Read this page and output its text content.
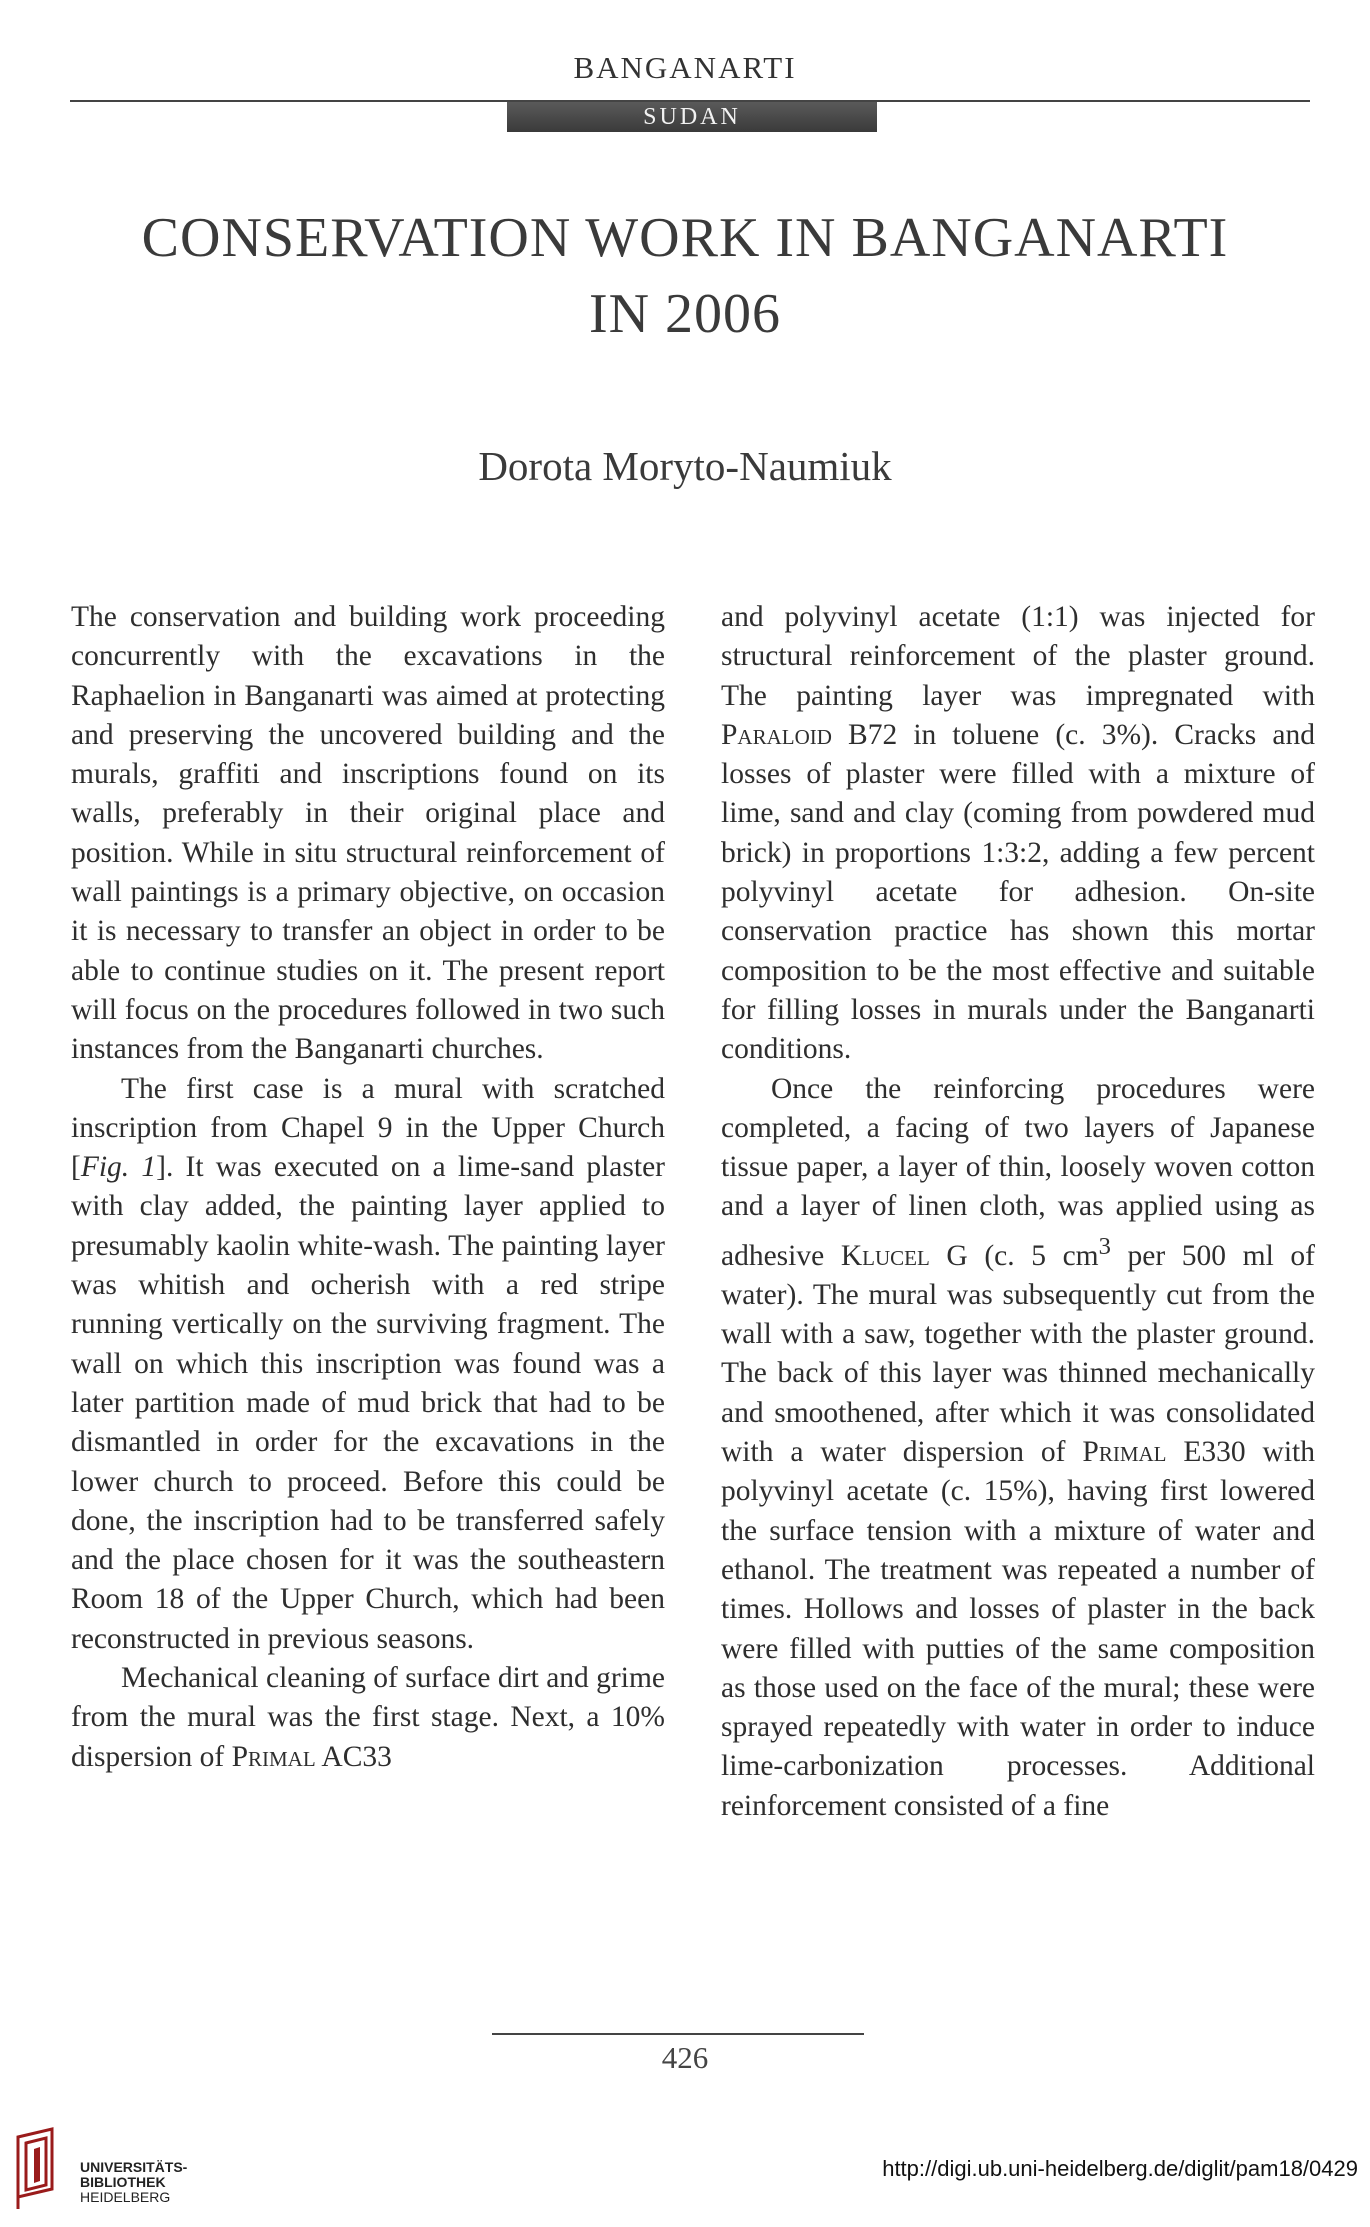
BANGANARTI
SUDAN
CONSERVATION WORK IN BANGANARTI
IN 2006
Dorota Moryto-Naumiuk

The conservation and building work proceeding concurrently with the excavations in the Raphaelion in Banganarti was aimed at protecting and preserving the uncovered building and the murals, graffiti and inscriptions found on its walls, preferably in their original place and position. While in situ structural reinforcement of wall paintings is a primary objective, on occasion it is necessary to transfer an object in order to be able to continue studies on it. The present report will focus on the procedures followed in two such instances from the Banganarti churches.

The first case is a mural with scratched inscription from Chapel 9 in the Upper Church [Fig. 1]. It was executed on a lime-sand plaster with clay added, the painting layer applied to presumably kaolin white-wash. The painting layer was whitish and ocherish with a red stripe running vertically on the surviving fragment. The wall on which this inscription was found was a later partition made of mud brick that had to be dismantled in order for the excavations in the lower church to proceed. Before this could be done, the inscription had to be transferred safely and the place chosen for it was the southeastern Room 18 of the Upper Church, which had been reconstructed in previous seasons.

Mechanical cleaning of surface dirt and grime from the mural was the first stage. Next, a 10% dispersion of Primal AC33

and polyvinyl acetate (1:1) was injected for structural reinforcement of the plaster ground. The painting layer was impregnated with Paraloid B72 in toluene (c. 3%). Cracks and losses of plaster were filled with a mixture of lime, sand and clay (coming from powdered mud brick) in proportions 1:3:2, adding a few percent polyvinyl acetate for adhesion. On-site conservation practice has shown this mortar composition to be the most effective and suitable for filling losses in murals under the Banganarti conditions.

Once the reinforcing procedures were completed, a facing of two layers of Japanese tissue paper, a layer of thin, loosely woven cotton and a layer of linen cloth, was applied using as adhesive Klucel G (c. 5 $cm^3$ per 500 ml of water). The mural was subsequently cut from the wall with a saw, together with the plaster ground. The back of this layer was thinned mechanically and smoothened, after which it was consolidated with a water dispersion of Primal E330 with polyvinyl acetate (c. 15%), having first lowered the surface tension with a mixture of water and ethanol. The treatment was repeated a number of times. Hollows and losses of plaster in the back were filled with putties of the same composition as those used on the face of the mural; these were sprayed repeatedly with water in order to induce lime-carbonization processes. Additional reinforcement consisted of a fine

426
UNIVERSITÄTS-
BIBLIOTHEK
HEIDELBERG
http://digi.ub.uni-heidelberg.de/diglit/pam18/0429
